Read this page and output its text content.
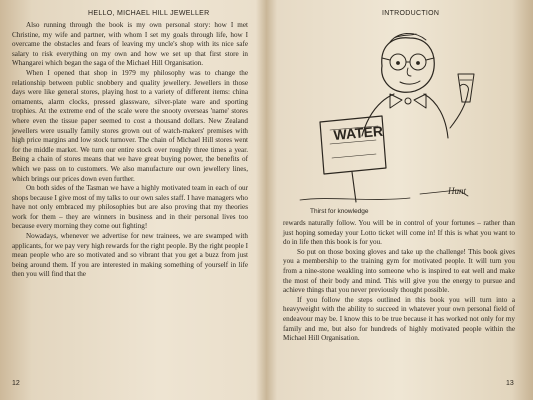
HELLO, MICHAEL HILL JEWELLER

Also running through the book is my own personal story: how I met Christine, my wife and partner, with whom I set my goals through life, how I overcame the obstacles and fears of leaving my uncle's shop with its nice safe salary to risk everything on my own and how we set up that first store in Whangarei which began the saga of the Michael Hill Organisation.

When I opened that shop in 1979 my philosophy was to change the relationship between public snobbery and quality jewellery. Jewellers in those days were like general stores, playing host to a variety of different items: china ornaments, alarm clocks, pressed glassware, silver-plate ware and sporting trophies. At the extreme end of the scale were the snooty overseas 'name' stores where even the tissue paper seemed to cost a thousand dollars. New Zealand jewellers were usually family stores grown out of watch-makers' premises with high price margins and low stock turnover. The chain of Michael Hill stores went for the middle market. We turn our entire stock over roughly three times a year. Being a chain of stores means that we have great buying power, the benefits of which we pass on to customers. We also manufacture our own jewellery lines, which brings our prices down even further.

On both sides of the Tasman we have a highly motivated team in each of our shops because I give most of my talks to our own sales staff. I have managers who have not only embraced my philosophies but are also proving that my theories work for them – they are winners in business and in their personal lives too because every morning they come out fighting!

Nowadays, whenever we advertise for new trainees, we are swamped with applicants, for we pay very high rewards for the right people. By the right people I mean people who are so motivated and so vibrant that you get a buzz from just being around them. If you are interested in making something of yourself in life then you will find that the

12
INTRODUCTION
WATER
Hunt
Thirst for knowledge

rewards naturally follow. You will be in control of your fortunes – rather than just hoping someday your Lotto ticket will come in! If this is what you want to do in life then this book is for you.

So put on those boxing gloves and take up the challenge! This book gives you a membership to the training gym for motivated people. It will turn you from a nine-stone weakling into someone who is inspired to eat well and make the most of their body and mind. This will give you the energy to pursue and achieve things that you never previously thought possible.

If you follow the steps outlined in this book you will turn into a heavyweight with the ability to succeed in whatever your own personal field of endeavour may be. I know this to be true because it has worked not only for my family and me, but also for hundreds of highly motivated people within the Michael Hill Organisation.

13
